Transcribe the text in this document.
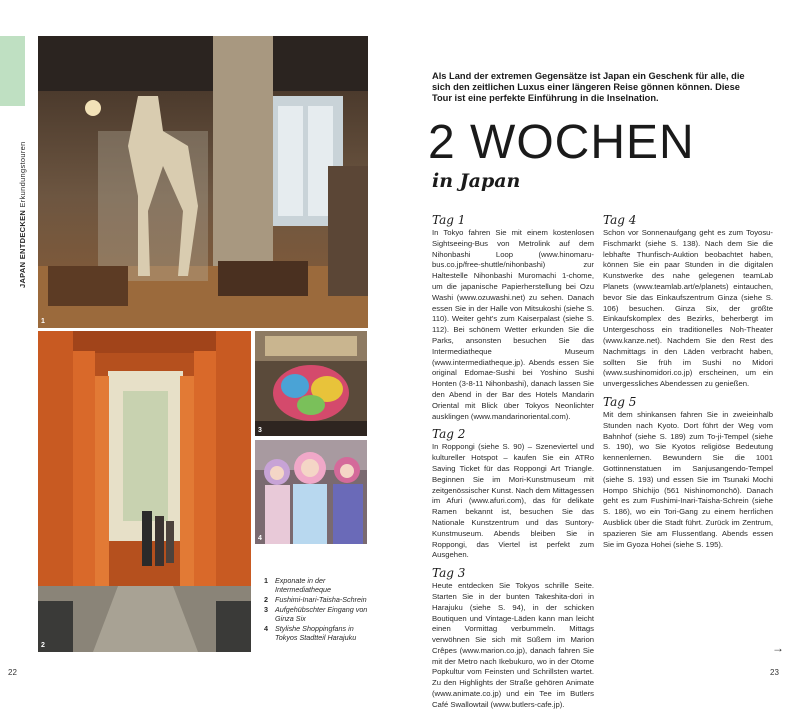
JAPAN ENTDECKEN Erkundungstouren
1
2
3
4
1 Exponate in der Intermediatheque
2 Fushimi-Inari-Taisha-Schrein
3 Aufgehübschter Eingang von Ginza Six
4 Stylishe Shoppingfans in Tokyos Stadtteil Harajuku
22
Als Land der extremen Gegensätze ist Japan ein Geschenk für alle, die sich den zeitlichen Luxus einer längeren Reise gönnen können. Diese Tour ist eine perfekte Einführung in die Inselnation.
2 WOCHEN
in Japan
Tag 1

In Tokyo fahren Sie mit einem kostenlosen Sightseeing-Bus von Metrolink auf dem Nihonbashi Loop (www.hinomaru-bus.co.jp/free-shuttle/nihonbashi) zur Haltestelle Nihonbashi Muromachi 1-chome, um die japanische Papierherstellung bei Ozu Washi (www.ozuwashi.net) zu sehen. Danach essen Sie in der Halle von Mitsukoshi (siehe S. 110). Weiter geht's zum Kaiserpalast (siehe S. 112). Bei schönem Wetter erkunden Sie die Parks, ansonsten besuchen Sie das Intermediatheque Museum (www.intermediatheque.jp). Abends essen Sie original Edomae-Sushi bei Yoshino Sushi Honten (3-8-11 Nihonbashi), danach lassen Sie den Abend in der Bar des Hotels Mandarin Oriental mit Blick über Tokyos Neonlichter ausklingen (www.mandarinoriental.com).

Tag 2

In Roppongi (siehe S. 90) – Szeneviertel und kultureller Hotspot – kaufen Sie ein ATRo Saving Ticket für das Roppongi Art Triangle. Beginnen Sie im Mori-Kunstmuseum mit zeitgenössischer Kunst. Nach dem Mittagessen im Afuri (www.afuri.com), das für delikate Ramen bekannt ist, besuchen Sie das Nationale Kunstzentrum und das Suntory-Kunstmuseum. Abends bleiben Sie in Roppongi, das Viertel ist perfekt zum Ausgehen.

Tag 3

Heute entdecken Sie Tokyos schrille Seite. Starten Sie in der bunten Takeshita-dori in Harajuku (siehe S. 94), in der schicken Boutiquen und Vintage-Läden kann man leicht einen Vormittag verbummeln. Mittags verwöhnen Sie sich mit Süßem im Marion Crêpes (www.marion.co.jp), danach fahren Sie mit der Metro nach Ikebukuro, wo in der Otome Popkultur vom Feinsten und Schrillsten wartet. Zu den Highlights der Straße gehören Animate (www.animate.co.jp) und ein Tee im Butlers Café Swallowtail (www.butlers-cafe.jp).

Tag 4

Schon vor Sonnenaufgang geht es zum Toyosu-Fischmarkt (siehe S. 138). Nach dem Sie die lebhafte Thunfisch-Auktion beobachtet haben, können Sie ein paar Stunden in die digitalen Kunstwerke des nahe gelegenen teamLab Planets (www.teamlab.art/e/planets) eintauchen, bevor Sie das Einkaufszentrum Ginza (siehe S. 106) besuchen. Ginza Six, der größte Einkaufskomplex des Bezirks, beherbergt im Untergeschoss ein traditionelles Noh-Theater (www.kanze.net). Nachdem Sie den Rest des Nachmittags in den Läden verbracht haben, sollten Sie früh im Sushi no Midori (www.sushinomidori.co.jp) erscheinen, um ein unvergessliches Abendessen zu genießen.

Tag 5

Mit dem shinkansen fahren Sie in zweieinhalb Stunden nach Kyoto. Dort führt der Weg vom Bahnhof (siehe S. 189) zum To-ji-Tempel (siehe S. 190), wo Sie Kyotos religiöse Bedeutung kennenlernen. Bewundern Sie die 1001 Gottinnenstatuen im Sanjusangendo-Tempel (siehe S. 193) und essen Sie im Tsunaki Mochi Hompo Shichijo (561 Nishinomonchō). Danach geht es zum Fushimi-Inari-Taisha-Schrein (siehe S. 186), wo ein Tori-Gang zu einem herrlichen Ausblick über die Stadt führt. Zurück im Zentrum, spazieren Sie am Flussentlang. Abends essen Sie im Gyoza Hohei (siehe S. 195).

→
23
